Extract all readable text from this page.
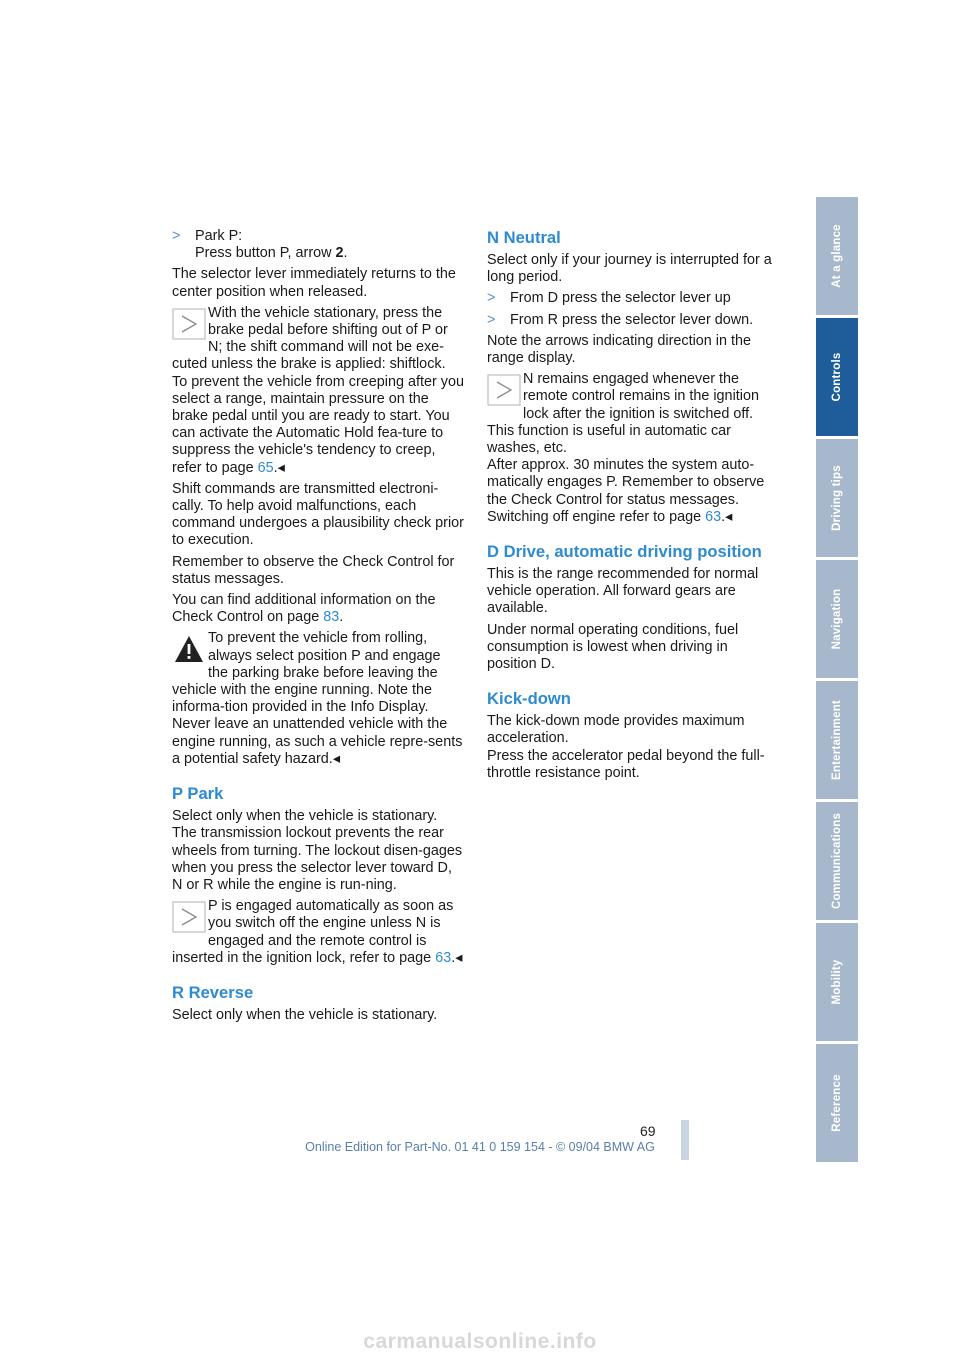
> Park P:
Press button P, arrow 2.

The selector lever immediately returns to the center position when released.

With the vehicle stationary, press the brake pedal before shifting out of P or N; the shift command will not be exe-cuted unless the brake is applied: shiftlock. To prevent the vehicle from creeping after you select a range, maintain pressure on the brake pedal until you are ready to start. You can activate the Automatic Hold fea-ture to suppress the vehicle's tendency to creep, refer to page 65.◂

Shift commands are transmitted electroni-cally. To help avoid malfunctions, each command undergoes a plausibility check prior to execution.

Remember to observe the Check Control for status messages.

You can find additional information on the Check Control on page 83.

To prevent the vehicle from rolling, always select position P and engage the parking brake before leaving the vehicle with the engine running. Note the informa-tion provided in the Info Display.
Never leave an unattended vehicle with the engine running, as such a vehicle repre-sents a potential safety hazard.◂
P Park

Select only when the vehicle is stationary. The transmission lockout prevents the rear wheels from turning. The lockout disen-gages when you press the selector lever toward D, N or R while the engine is run-ning.

P is engaged automatically as soon as you switch off the engine unless N is engaged and the remote control is inserted in the ignition lock, refer to page 63.◂
R Reverse

Select only when the vehicle is stationary.

N Neutral

Select only if your journey is interrupted for a long period.

> From D press the selector lever up
> From R press the selector lever down.

Note the arrows indicating direction in the range display.

N remains engaged whenever the remote control remains in the ignition lock after the ignition is switched off. This function is useful in automatic car washes, etc.
After approx. 30 minutes the system auto-matically engages P. Remember to observe the Check Control for status messages. Switching off engine refer to page 63.◂
D Drive, automatic driving position

This is the range recommended for normal vehicle operation. All forward gears are available.

Under normal operating conditions, fuel consumption is lowest when driving in position D.

Kick-down

The kick-down mode provides maximum acceleration.

Press the accelerator pedal beyond the full-throttle resistance point.

At a glance
Controls
Driving tips
Navigation
Entertainment
Communications
Mobility
Reference
69
Online Edition for Part-No. 01 41 0 159 154 - © 09/04 BMW AG
carmanualsonline.info
